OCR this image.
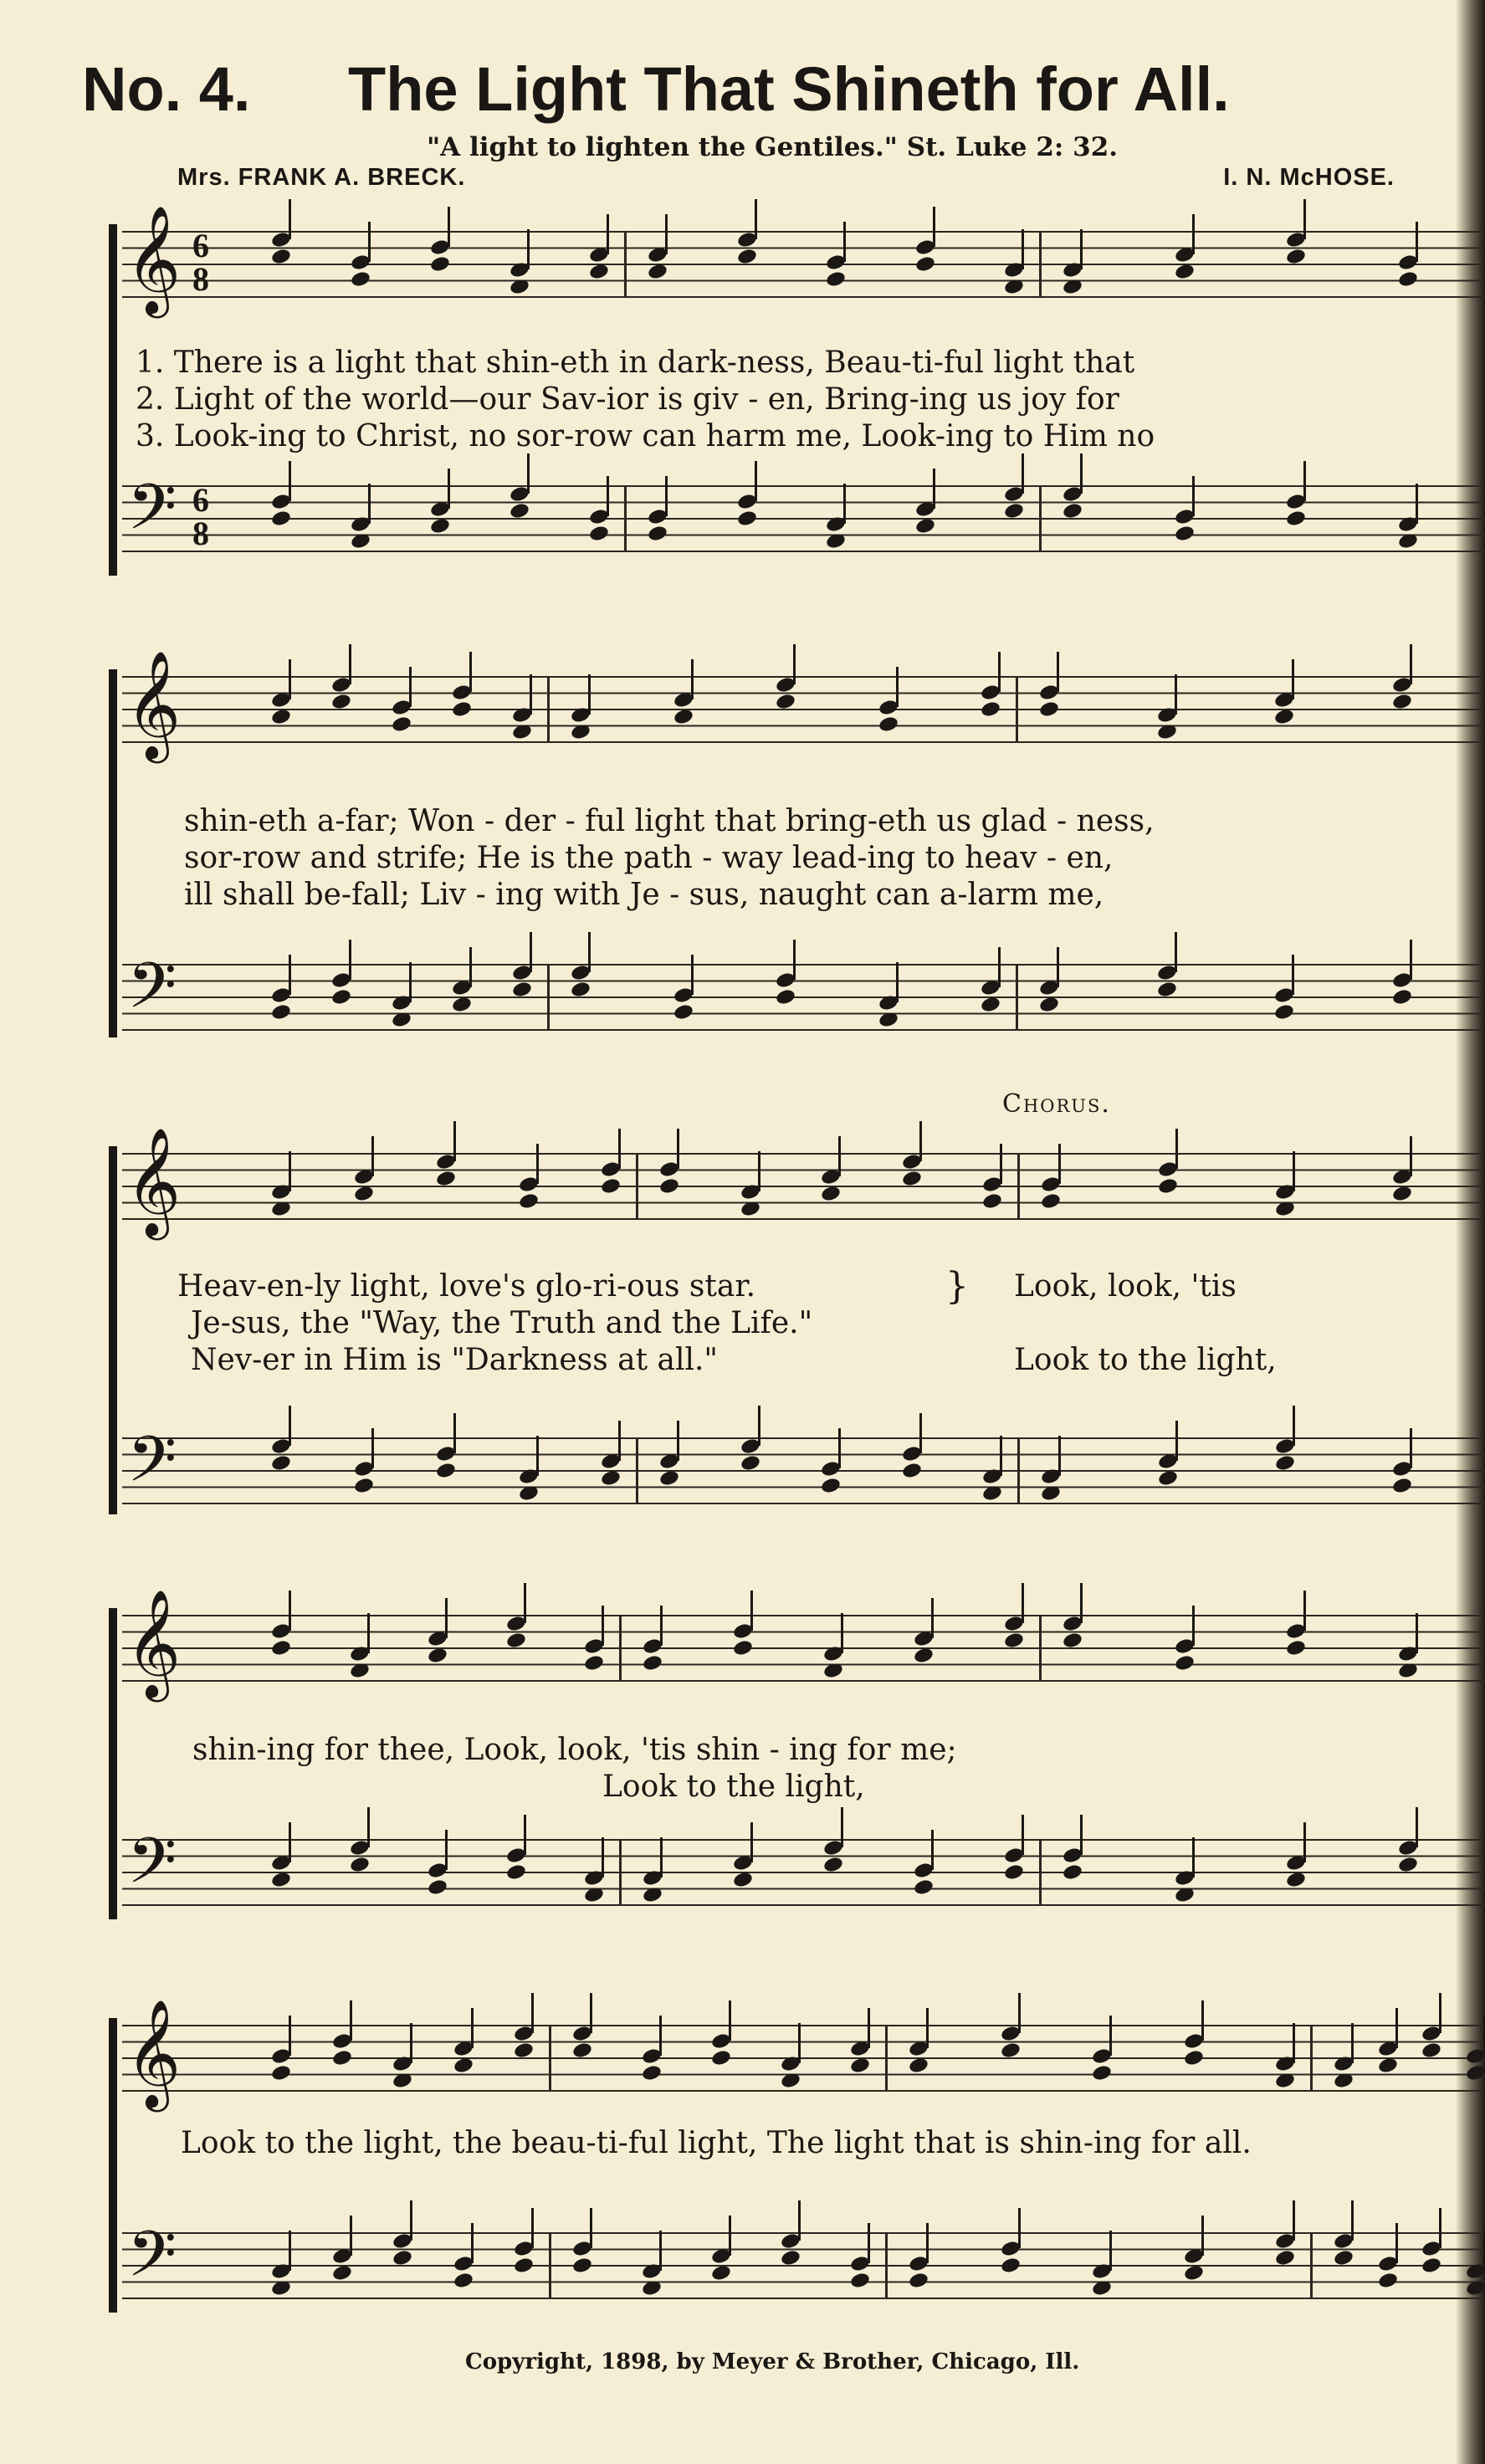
No. 4. The Light That Shineth for All.
"A light to lighten the Gentiles." St. Luke 2: 32.
Mrs. FRANK A. BRECK.	I. N. McHOSE.
𝄞 6
8
1. There is a light that shin-eth in dark-ness, Beau-ti-ful light that
2. Light of the world—our Sav-ior is giv - en, Bring-ing us joy for
3. Look-ing to Christ, no sor-row can harm me, Look-ing to Him no
𝄢 6
8
𝄞
shin-eth a-far; Won - der - ful light that bring-eth us glad - ness,
sor-row and strife; He is the path - way lead-ing to heav - en,
ill shall be-fall; Liv - ing with Je - sus, naught can a-larm me,
𝄢
Chorus.
𝄞
Heav-en-ly light, love's glo-ri-ous star.
Je-sus, the "Way, the Truth and the Life."
Nev-er in Him is "Darkness at all."
} Look, look, 'tis
Look to the light,
𝄢
𝄞
shin-ing for thee, Look, look, 'tis shin - ing for me;
Look to the light,
𝄢
𝄞
Look to the light, the beau-ti-ful light, The light that is shin-ing for all.
𝄢
Copyright, 1898, by Meyer & Brother, Chicago, Ill.
